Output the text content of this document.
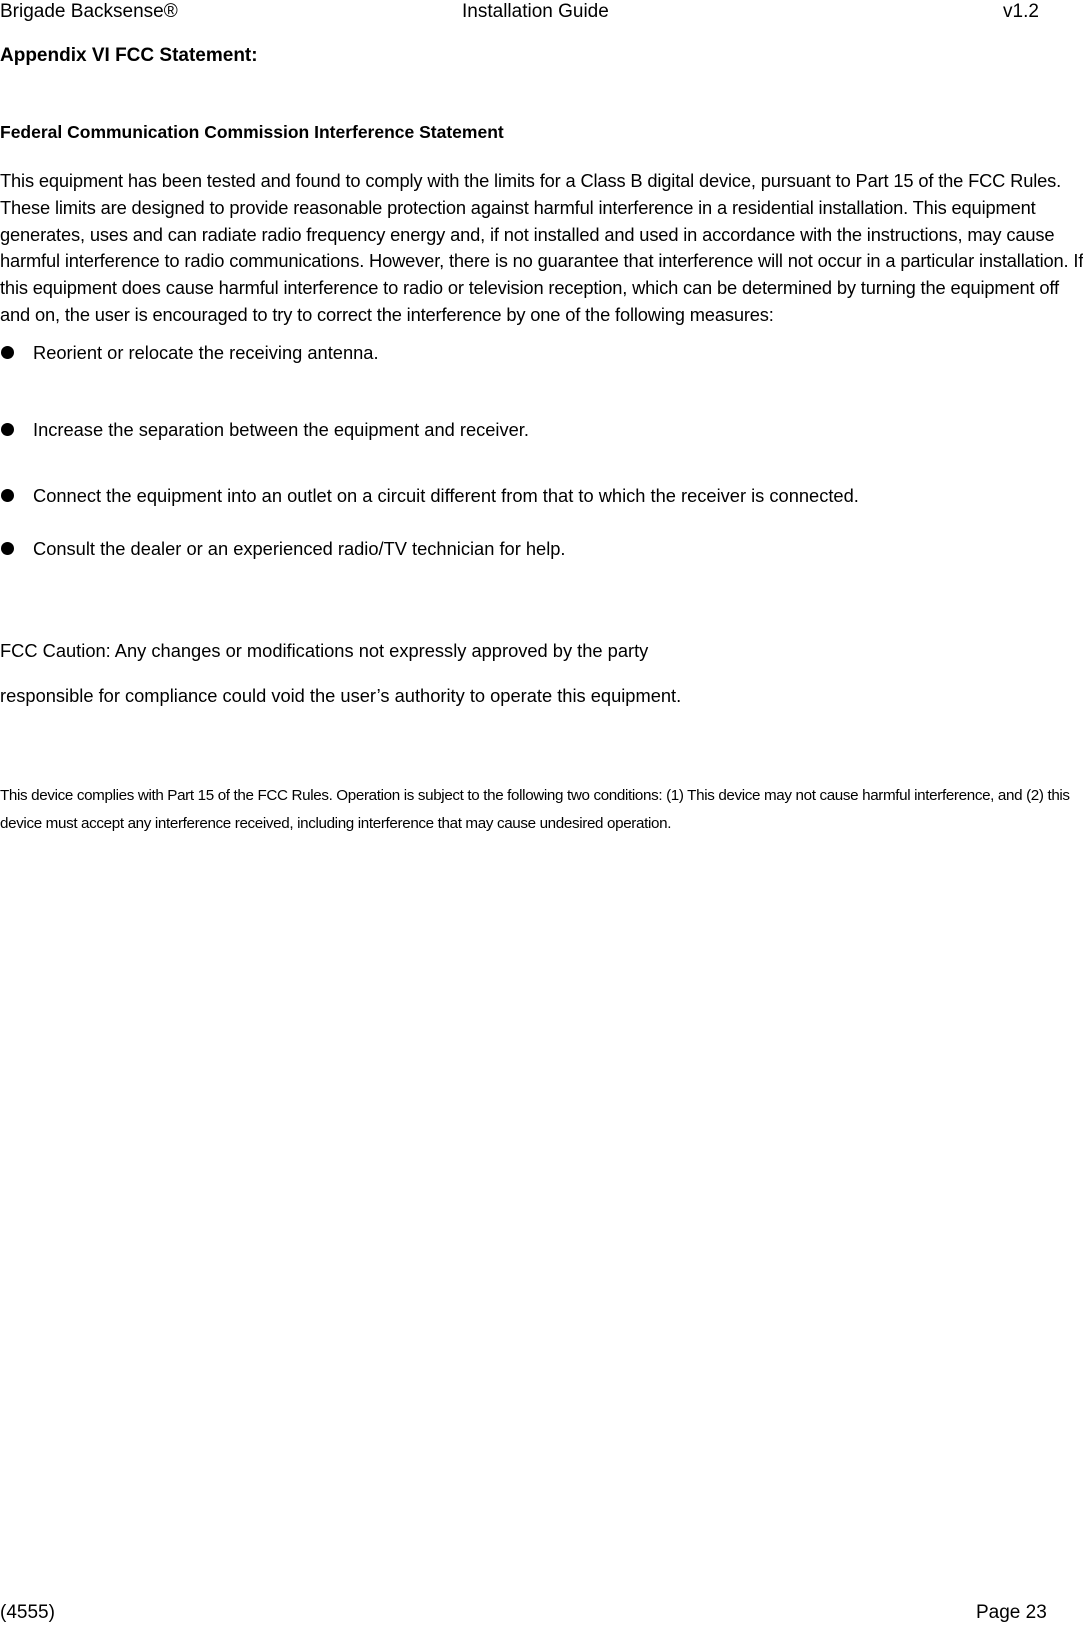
Brigade Backsense®	Installation Guide	v1.2
Appendix VI FCC Statement:
Federal Communication Commission Interference Statement
This equipment has been tested and found to comply with the limits for a Class B digital device, pursuant to Part 15 of the FCC Rules. These limits are designed to provide reasonable protection against harmful interference in a residential installation. This equipment generates, uses and can radiate radio frequency energy and, if not installed and used in accordance with the instructions, may cause harmful interference to radio communications. However, there is no guarantee that interference will not occur in a particular installation. If this equipment does cause harmful interference to radio or television reception, which can be determined by turning the equipment off and on, the user is encouraged to try to correct the interference by one of the following measures:
Reorient or relocate the receiving antenna.
Increase the separation between the equipment and receiver.
Connect the equipment into an outlet on a circuit different from that to which the receiver is connected.
Consult the dealer or an experienced radio/TV technician for help.
FCC Caution: Any changes or modifications not expressly approved by the party
responsible for compliance could void the user’s authority to operate this equipment.
This device complies with Part 15 of the FCC Rules. Operation is subject to the following two conditions: (1) This device may not cause harmful interference, and (2) this device must accept any interference received, including interference that may cause undesired operation.
(4555)	Page 23
